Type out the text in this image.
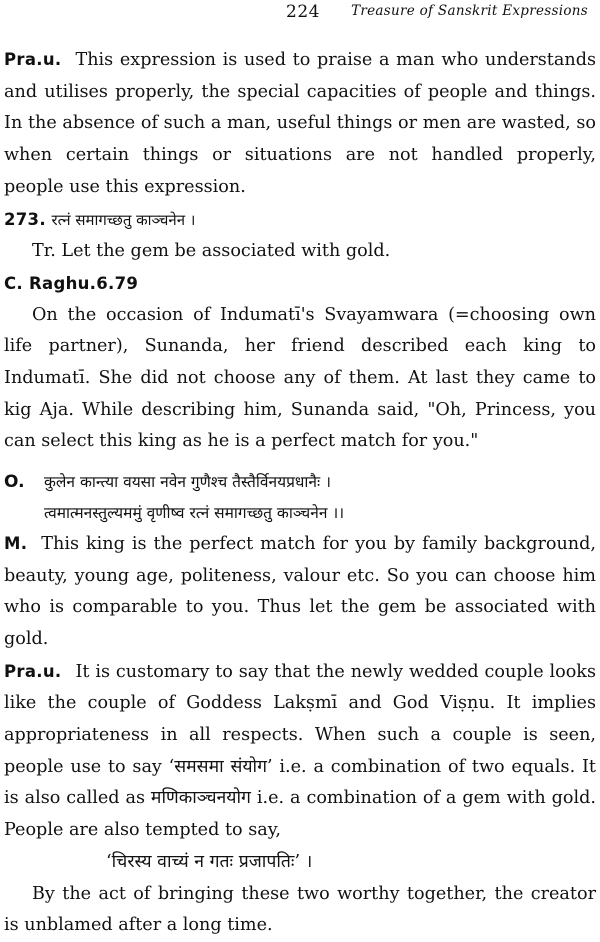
224 Treasure of Sanskrit Expressions

Pra.u. This expression is used to praise a man who understands and utilises properly, the special capacities of people and things. In the absence of such a man, useful things or men are wasted, so when certain things or situations are not handled properly, people use this expression.

273. रत्नं समागच्छतु काञ्चनेन ।

Tr. Let the gem be associated with gold.

C. Raghu.6.79

On the occasion of Indumatī's Svayamwara (=choosing own life partner), Sunanda, her friend described each king to Indumatī. She did not choose any of them. At last they came to kig Aja. While describing him, Sunanda said, "Oh, Princess, you can select this king as he is a perfect match for you."

O.	कुलेन कान्त्या वयसा नवेन गुणैश्च तैस्तैर्विनयप्रधानैः ।
त्वमात्मनस्तुल्यममुं वृणीष्व रत्नं समागच्छतु काञ्चनेन ।।

M. This king is the perfect match for you by family background, beauty, young age, politeness, valour etc. So you can choose him who is comparable to you. Thus let the gem be associated with gold.

Pra.u. It is customary to say that the newly wedded couple looks like the couple of Goddess Lakṣmī and God Viṣṇu. It implies appropriateness in all respects. When such a couple is seen, people use to say ‘समसमा संयोग’ i.e. a combination of two equals. It is also called as मणिकाञ्चनयोग i.e. a combination of a gem with gold. People are also tempted to say,

‘चिरस्य वाच्यं न गतः प्रजापतिः’ ।

By the act of bringing these two worthy together, the creator is unblamed after a long time.
